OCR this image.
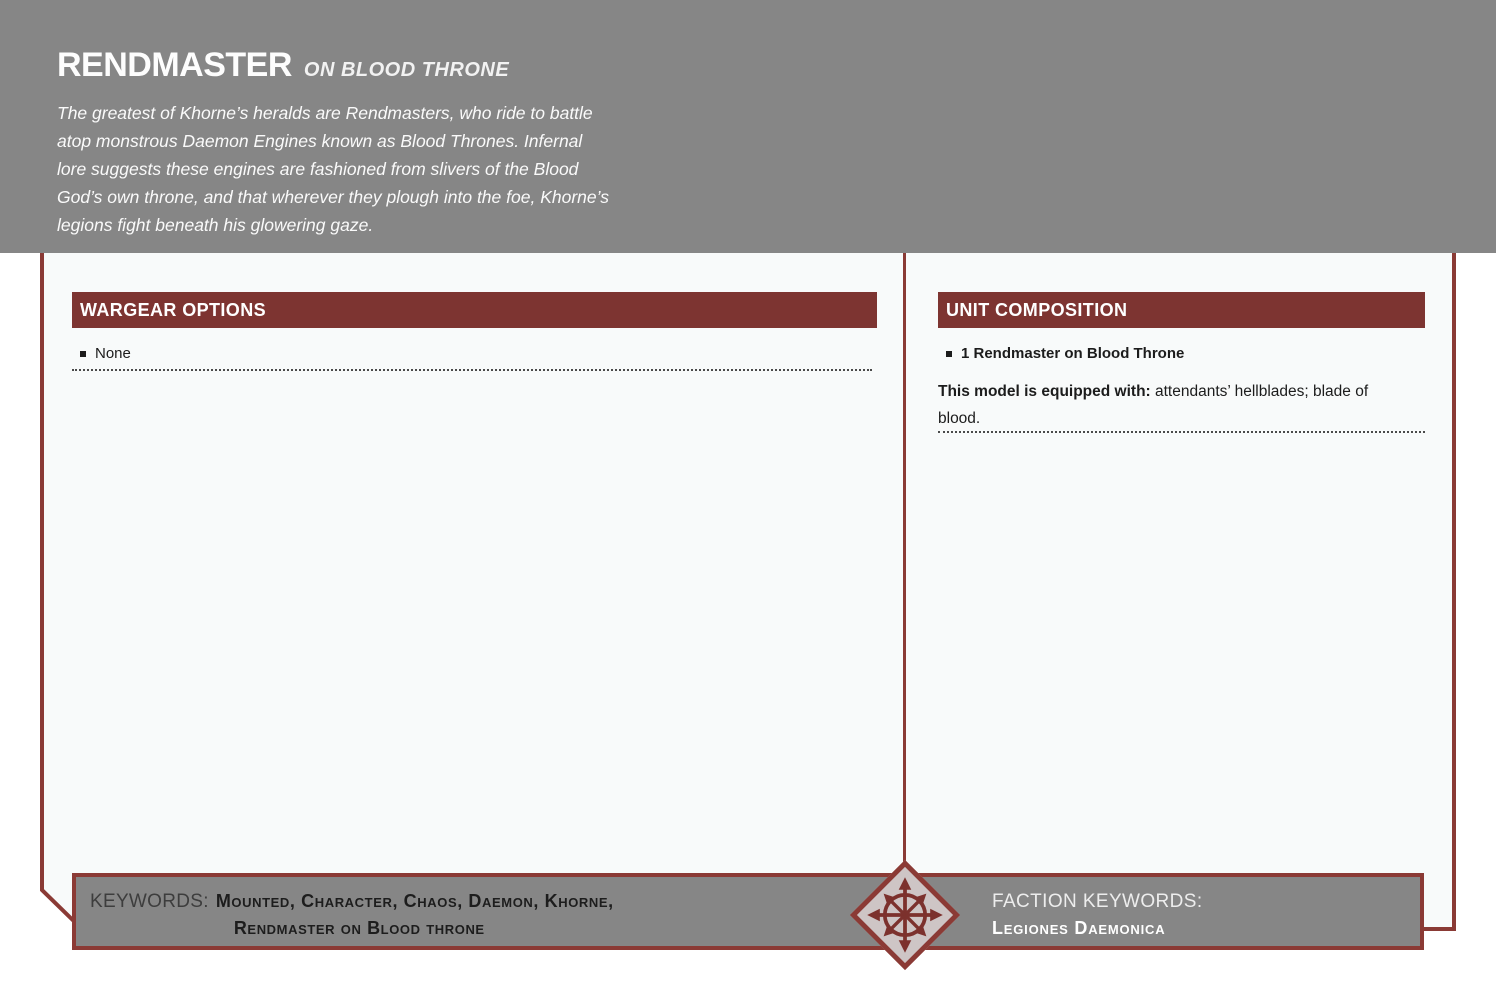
RENDMASTER ON BLOOD THRONE
The greatest of Khorne’s heralds are Rendmasters, who ride to battle
atop monstrous Daemon Engines known as Blood Thrones. Infernal
lore suggests these engines are fashioned from slivers of the Blood
God’s own throne, and that wherever they plough into the foe, Khorne’s
legions fight beneath his glowering gaze.
WARGEAR OPTIONS
None
UNIT COMPOSITION
1 Rendmaster on Blood Throne
This model is equipped with: attendants’ hellblades; blade of blood.
KEYWORDS: Mounted, Character, Chaos, Daemon, Khorne,
Rendmaster on Blood throne
FACTION KEYWORDS:
Legiones Daemonica
